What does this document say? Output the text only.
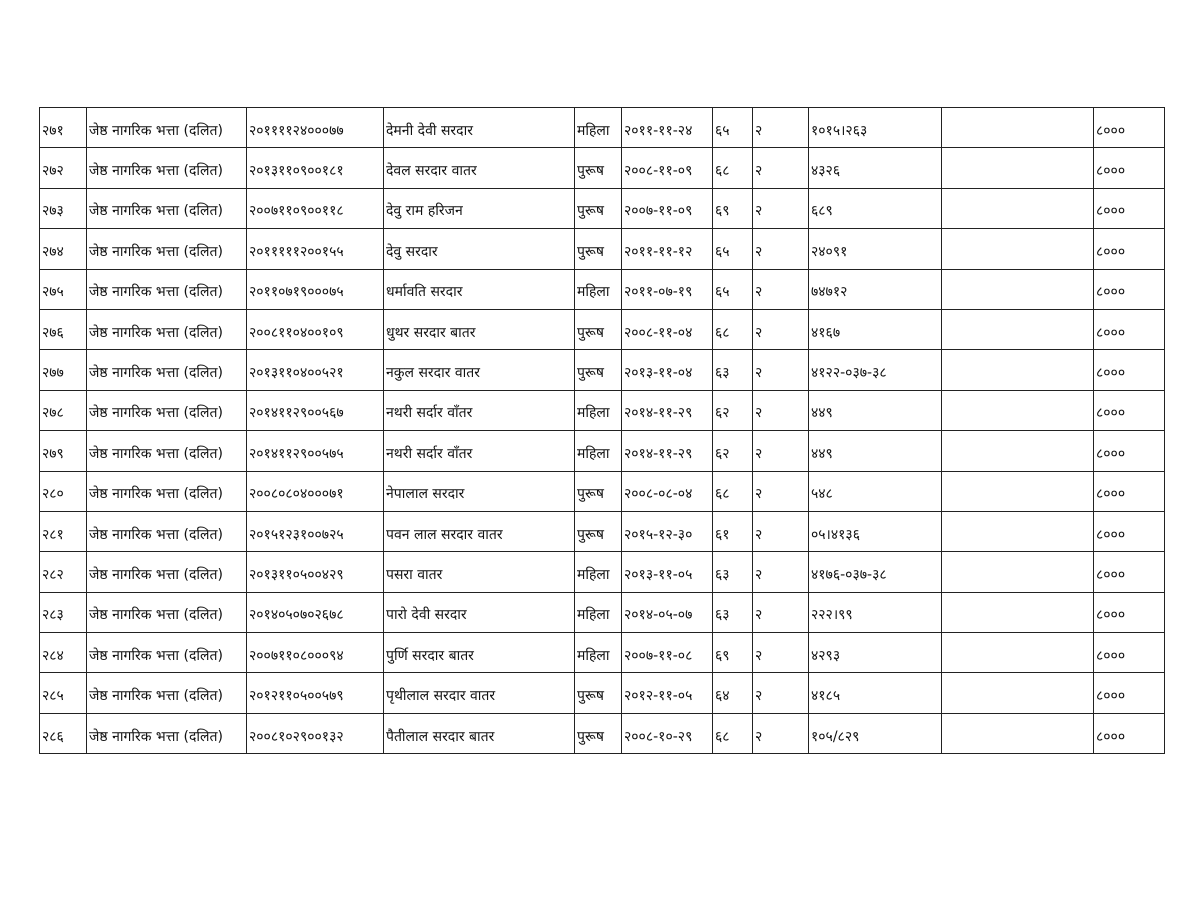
२७१	जेष्ठ नागरिक भत्ता (दलित)	२०११११२४०००७७	देमनी देवी सरदार	महिला	२०११-११-२४	६५	२	१०१५।२६३		८०००
२७२	जेष्ठ नागरिक भत्ता (दलित)	२०१३११०९००१८१	देवल सरदार वातर	पुरूष	२००८-११-०९	६८	२	४३२६		८०००
२७३	जेष्ठ नागरिक भत्ता (दलित)	२००७११०९००११८	देवु राम हरिजन	पुरूष	२००७-११-०९	६९	२	६८९		८०००
२७४	जेष्ठ नागरिक भत्ता (दलित)	२०१११११२००१५५	देवु सरदार	पुरूष	२०११-११-१२	६५	२	२४०९१		८०००
२७५	जेष्ठ नागरिक भत्ता (दलित)	२०११०७१९०००७५	धर्मावति सरदार	महिला	२०११-०७-१९	६५	२	७४७१२		८०००
२७६	जेष्ठ नागरिक भत्ता (दलित)	२००८११०४००१०९	धुथर सरदार बातर	पुरूष	२००८-११-०४	६८	२	४१६७		८०००
२७७	जेष्ठ नागरिक भत्ता (दलित)	२०१३११०४००५२१	नकुल सरदार वातर	पुरूष	२०१३-११-०४	६३	२	४१२२-०३७-३८		८०००
२७८	जेष्ठ नागरिक भत्ता (दलित)	२०१४११२९००५६७	नथरी सर्दार वाँतर	महिला	२०१४-११-२९	६२	२	४४९		८०००
२७९	जेष्ठ नागरिक भत्ता (दलित)	२०१४११२९००५७५	नथरी सर्दार वाँतर	महिला	२०१४-११-२९	६२	२	४४९		८०००
२८०	जेष्ठ नागरिक भत्ता (दलित)	२००८०८०४०००७१	नेपालाल सरदार	पुरूष	२००८-०८-०४	६८	२	५४८		८०००
२८१	जेष्ठ नागरिक भत्ता (दलित)	२०१५१२३१००७२५	पवन लाल सरदार वातर	पुरूष	२०१५-१२-३०	६१	२	०५।४१३६		८०००
२८२	जेष्ठ नागरिक भत्ता (दलित)	२०१३११०५००४२९	पसरा वातर	महिला	२०१३-११-०५	६३	२	४१७६-०३७-३८		८०००
२८३	जेष्ठ नागरिक भत्ता (दलित)	२०१४०५०७०२६७८	पारो देवी सरदार	महिला	२०१४-०५-०७	६३	२	२२२।९९		८०००
२८४	जेष्ठ नागरिक भत्ता (दलित)	२००७११०८०००९४	पुर्णि सरदार बातर	महिला	२००७-११-०८	६९	२	४२९३		८०००
२८५	जेष्ठ नागरिक भत्ता (दलित)	२०१२११०५००५७९	पृथीलाल सरदार वातर	पुरूष	२०१२-११-०५	६४	२	४१८५		८०००
२८६	जेष्ठ नागरिक भत्ता (दलित)	२००८१०२९००१३२	पैतीलाल सरदार बातर	पुरूष	२००८-१०-२९	६८	२	१०५/८२९		८०००
